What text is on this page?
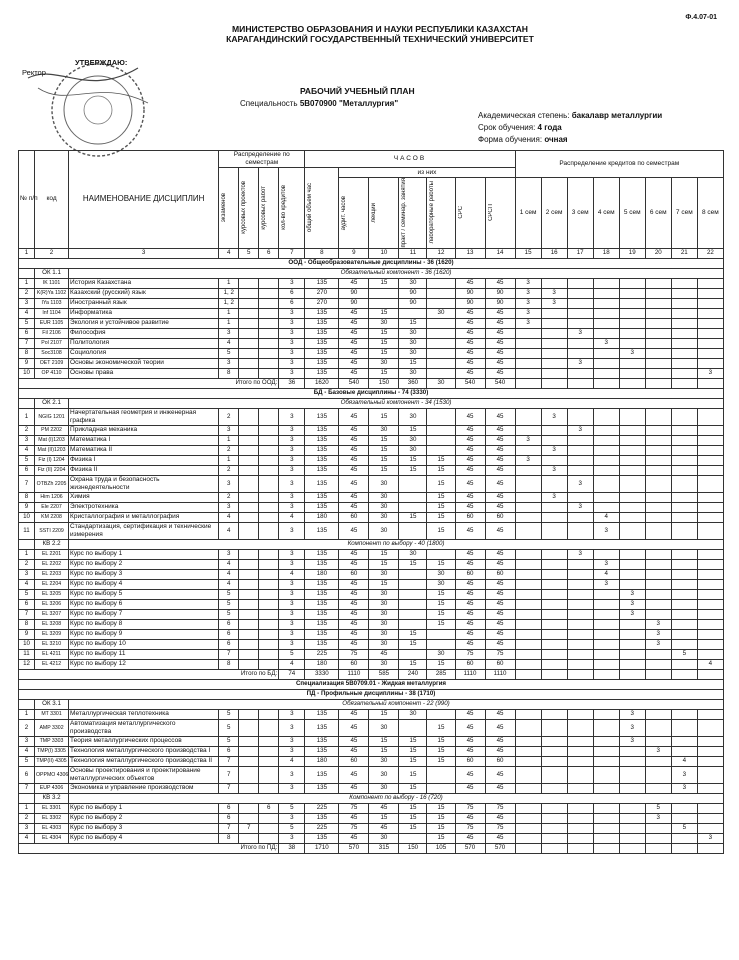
Ф.4.07-01
МИНИСТЕРСТВО ОБРАЗОВАНИЯ И НАУКИ РЕСПУБЛИКИ КАЗАХСТАН
КАРАГАНДИНСКИЙ ГОСУДАРСТВЕННЫЙ ТЕХНИЧЕСКИЙ УНИВЕРСИТЕТ
УТВЕРЖДАЮ:
Ректор
РАБОЧИЙ УЧЕБНЫЙ ПЛАН
Специальность 5В070900 "Металлургия"
Академическая степень: бакалавр металлургии
Срок обучения: 4 года
Форма обучения: очная
№ п/п	код	НАИМЕНОВАНИЕ ДИСЦИПЛИН	Распределение по семестрам				ЧАСОВ							Распределение кредитов по семестрам							

			экзаменов	курсовых проектов	курсовых работ	кол-во кредитов	общий объем час	из них													

								аудит. часов	лекции	практ / семинар. занятия	лабораторные работы	СРС	СРСП	1 сем	2 сем	3 сем	4 сем	5 сем	6 сем	7 сем	8 сем
1	2	3	4	5	6	7	8	9	10	11	12	13	14	15	16	17	18	19	20	21	22
ООД - Общеобразовательные дисциплины - 36 (1620)																					
	ОК 1.1	Обязательный компонент - 36 (1620)																			
1	IK 1101	История Казахстана	1			3	135	45	15	30		45	45	3							
2	K(R)Ya 1102	Казахский (русский) язык	1, 2			6	270	90		90		90	90	3	3						
3	IYa 1103	Иностранный язык	1, 2			6	270	90		90		90	90	3	3						
4	Inf 1104	Информатика	1			3	135	45	15		30	45	45	3							
5	EUR 1105	Экология и устойчивое развитие	1			3	135	45	30	15		45	45	3							
6	Fil 2106	Философия	3			3	135	45	15	30		45	45			3					
7	Pol 2107	Политология	4			3	135	45	15	30		45	45				3				
8	Soc3108	Социология	5			3	135	45	15	30		45	45					3			
9	OET 2109	Основы экономической теории	3			3	135	45	30	15		45	45			3					
10	OP 4110	Основы права	8			3	135	45	15	30		45	45								3
Итого по ООД:						36	1620	540	150	360	30	540	540								
БД - Базовые дисциплины - 74 (3330)																					
	ОК 2.1	Обязательный компонент - 34 (1530)																			
1	NGIG 1201	Начертательная геометрия и инженерная графика	2			3	135	45	15	30		45	45		3						
2	PM 2202	Прикладная механика	3			3	135	45	30	15		45	45			3					
3	Mat (I)1203	Математика I	1			3	135	45	15	30		45	45	3							
4	Mat (II)1203	Математика II	2			3	135	45	15	30		45	45		3						
5	Fiz (I) 1204	Физика I	1			3	135	45	15	15	15	45	45	3							
6	Fiz (II) 2204	Физика II	2			3	135	45	15	15	15	45	45		3						
7	OTBZh 2205	Охрана труда и безопасность жизнедеятельности	3			3	135	45	30		15	45	45			3					
8	Him 1206	Химия	2			3	135	45	30		15	45	45		3						
9	Ele 2207	Электротехника	3			3	135	45	30		15	45	45			3					
10	KM 2208	Кристаллография и металлография	4			4	180	60	30	15	15	60	60				4				
11	SSTI 2209	Стандартизация, сертификация и технические измерения	4			3	135	45	30		15	45	45				3				
	КВ 2.2	Компонент по выбору - 40 (1800)																			
1	EL 2201	Курс по выбору 1	3			3	135	45	15	30		45	45			3					
2	EL 2202	Курс по выбору 2	4			3	135	45	15	15	15	45	45				3				
3	EL 2203	Курс по выбору 3	4			4	180	60	30		30	60	60				4				
4	EL 2204	Курс по выбору 4	4			3	135	45	15		30	45	45				3				
5	EL 3205	Курс по выбору 5	5			3	135	45	30		15	45	45					3			
6	EL 3206	Курс по выбору 6	5			3	135	45	30		15	45	45					3			
7	EL 3207	Курс по выбору 7	5			3	135	45	30		15	45	45					3			
8	EL 3208	Курс по выбору 8	6			3	135	45	30		15	45	45						3		
9	EL 3209	Курс по выбору 9	6			3	135	45	30	15		45	45						3		
10	EL 3210	Курс по выбору 10	6			3	135	45	30	15		45	45						3		
11	EL 4211	Курс по выбору 11	7			5	225	75	45		30	75	75							5	
12	EL 4212	Курс по выбору 12	8			4	180	60	30	15	15	60	60								4
Итого по БД:						74	3330	1110	585	240	285	1110	1110								
Специализация 5В0709.01 - Жидкая металлургия																					
ПД - Профильные дисциплины - 38 (1710)																					
	ОК 3.1	Обязательный компонент - 22 (990)																			
1	MT 3301	Металлургическая теплотехника	5			3	135	45	15	30		45	45					3			
2	AMP 3302	Автоматизация металлургического производства	5			3	135	45	30		15	45	45					3			
3	TMP 3303	Теория металлургических процессов	5			3	135	45	15	15	15	45	45					3			
4	TMP(I) 3305	Технология металлургического производства I	6			3	135	45	15	15	15	45	45						3		
5	TMP(II) 4305	Технология металлургического производства II	7			4	180	60	30	15	15	60	60							4	
6	OPPMO 4306	Основы проектирования и проектирование металлургических объектов	7			3	135	45	30	15		45	45							3	
7	EUP 4306	Экономика и управление производством	7			3	135	45	30	15		45	45							3	
	КВ 3.2	Компонент по выбору - 16 (720)																			
1	EL 3301	Курс по выбору 1	6		6	5	225	75	45	15	15	75	75						5		
2	EL 3302	Курс по выбору 2	6			3	135	45	15	15	15	45	45						3		
3	EL 4303	Курс по выбору 3	7	7		5	225	75	45	15	15	75	75							5	
4	EL 4304	Курс по выбору 4	8			3	135	45	30		15	45	45								3
Итого по ПД:						38	1710	570	315	150	105	570	570								
